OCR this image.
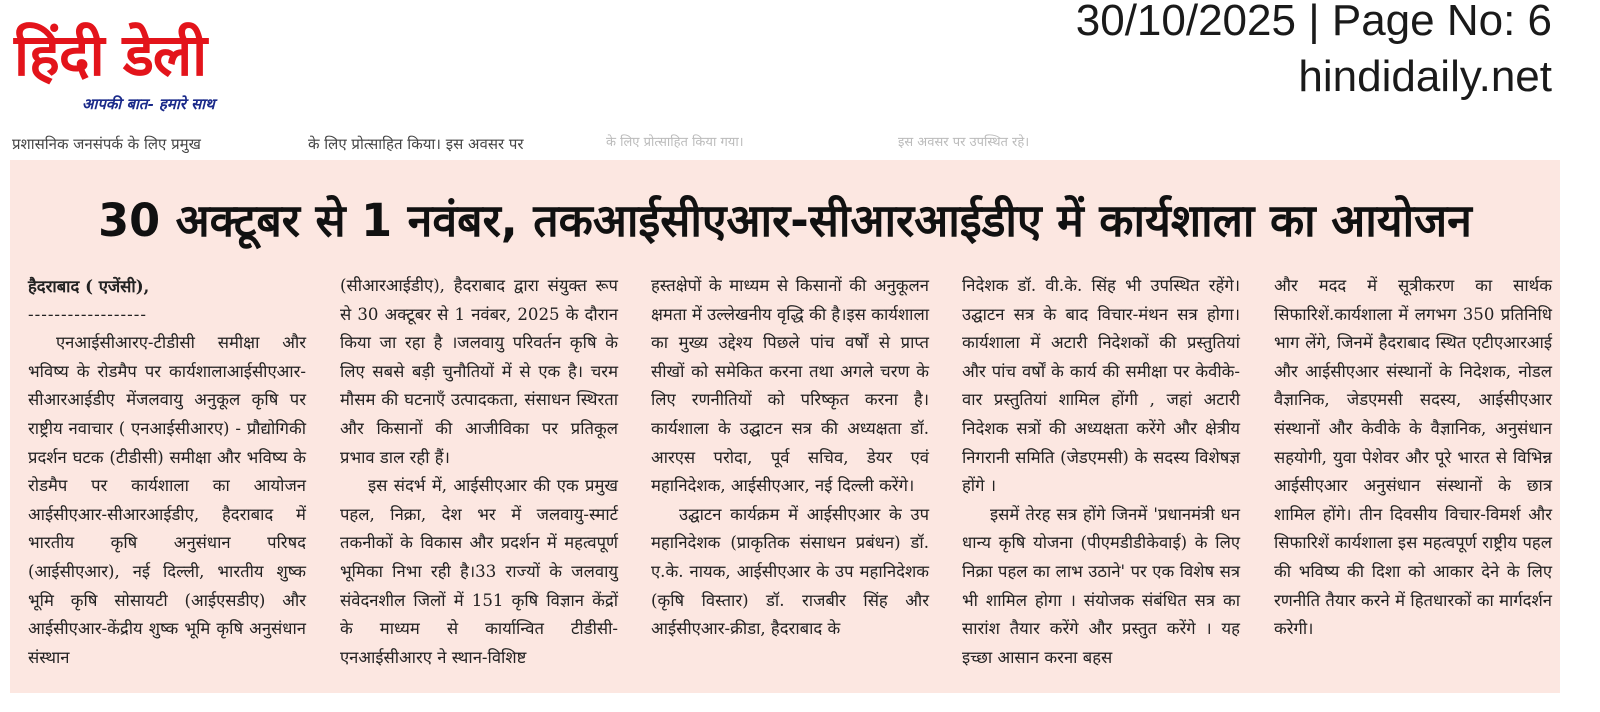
हिंदी डेली
आपकी बात- हमारे साथ
30/10/2025 | Page No: 6
hindidaily.net
प्रशासनिक जनसंपर्क के लिए प्रमुख	के लिए प्रोत्साहित किया। इस अवसर पर	के लिए प्रोत्साहित किया गया।	इस अवसर पर उपस्थित रहे।
30 अक्टूबर से 1 नवंबर, तकआईसीएआर-सीआरआईडीए में कार्यशाला का आयोजन

हैदराबाद ( एजेंसी),

------------------

एनआईसीआरए-टीडीसी समीक्षा और भविष्य के रोडमैप पर कार्यशालाआईसीएआर-सीआरआईडीए मेंजलवायु अनुकूल कृषि पर राष्ट्रीय नवाचार ( एनआईसीआरए) - प्रौद्योगिकी प्रदर्शन घटक (टीडीसी) समीक्षा और भविष्य के रोडमैप पर कार्यशाला का आयोजन आईसीएआर-सीआरआईडीए, हैदराबाद में भारतीय कृषि अनुसंधान परिषद (आईसीएआर), नई दिल्ली, भारतीय शुष्क भूमि कृषि सोसायटी (आईएसडीए) और आईसीएआर-केंद्रीय शुष्क भूमि कृषि अनुसंधान संस्थान

(सीआरआईडीए), हैदराबाद द्वारा संयुक्त रूप से 30 अक्टूबर से 1 नवंबर, 2025 के दौरान किया जा रहा है ।जलवायु परिवर्तन कृषि के लिए सबसे बड़ी चुनौतियों में से एक है। चरम मौसम की घटनाएँ उत्पादकता, संसाधन स्थिरता और किसानों की आजीविका पर प्रतिकूल प्रभाव डाल रही हैं।

इस संदर्भ में, आईसीएआर की एक प्रमुख पहल, निक्रा, देश भर में जलवायु-स्मार्ट तकनीकों के विकास और प्रदर्शन में महत्वपूर्ण भूमिका निभा रही है।33 राज्यों के जलवायु संवेदनशील जिलों में 151 कृषि विज्ञान केंद्रों के माध्यम से कार्यान्वित टीडीसी-एनआईसीआरए ने स्थान-विशिष्ट

हस्तक्षेपों के माध्यम से किसानों की अनुकूलन क्षमता में उल्लेखनीय वृद्धि की है।इस कार्यशाला का मुख्य उद्देश्य पिछले पांच वर्षों से प्राप्त सीखों को समेकित करना तथा अगले चरण के लिए रणनीतियों को परिष्कृत करना है।कार्यशाला के उद्घाटन सत्र की अध्यक्षता डॉ. आरएस परोदा, पूर्व सचिव, डेयर एवं महानिदेशक, आईसीएआर, नई दिल्ली करेंगे।

उद्घाटन कार्यक्रम में आईसीएआर के उप महानिदेशक (प्राकृतिक संसाधन प्रबंधन) डॉ. ए.के. नायक, आईसीएआर के उप महानिदेशक (कृषि विस्तार) डॉ. राजबीर सिंह और आईसीएआर-क्रीडा, हैदराबाद के

निदेशक डॉ. वी.के. सिंह भी उपस्थित रहेंगे। उद्घाटन सत्र के बाद विचार-मंथन सत्र होगा।कार्यशाला में अटारी निदेशकों की प्रस्तुतियां और पांच वर्षों के कार्य की समीक्षा पर केवीके-वार प्रस्तुतियां शामिल होंगी , जहां अटारी निदेशक सत्रों की अध्यक्षता करेंगे और क्षेत्रीय निगरानी समिति (जेडएमसी) के सदस्य विशेषज्ञ होंगे ।

इसमें तेरह सत्र होंगे जिनमें 'प्रधानमंत्री धन धान्य कृषि योजना (पीएमडीडीकेवाई) के लिए निक्रा पहल का लाभ उठाने' पर एक विशेष सत्र भी शामिल होगा । संयोजक संबंधित सत्र का सारांश तैयार करेंगे और प्रस्तुत करेंगे । यह इच्छा आसान करना बहस

और मदद में सूत्रीकरण का सार्थक सिफारिशें.कार्यशाला में लगभग 350 प्रतिनिधि भाग लेंगे, जिनमें हैदराबाद स्थित एटीएआरआई और आईसीएआर संस्थानों के निदेशक, नोडल वैज्ञानिक, जेडएमसी सदस्य, आईसीएआर संस्थानों और केवीके के वैज्ञानिक, अनुसंधान सहयोगी, युवा पेशेवर और पूरे भारत से विभिन्न आईसीएआर अनुसंधान संस्थानों के छात्र शामिल होंगे। तीन दिवसीय विचार-विमर्श और सिफारिशें कार्यशाला इस महत्वपूर्ण राष्ट्रीय पहल की भविष्य की दिशा को आकार देने के लिए रणनीति तैयार करने में हितधारकों का मार्गदर्शन करेगी।
